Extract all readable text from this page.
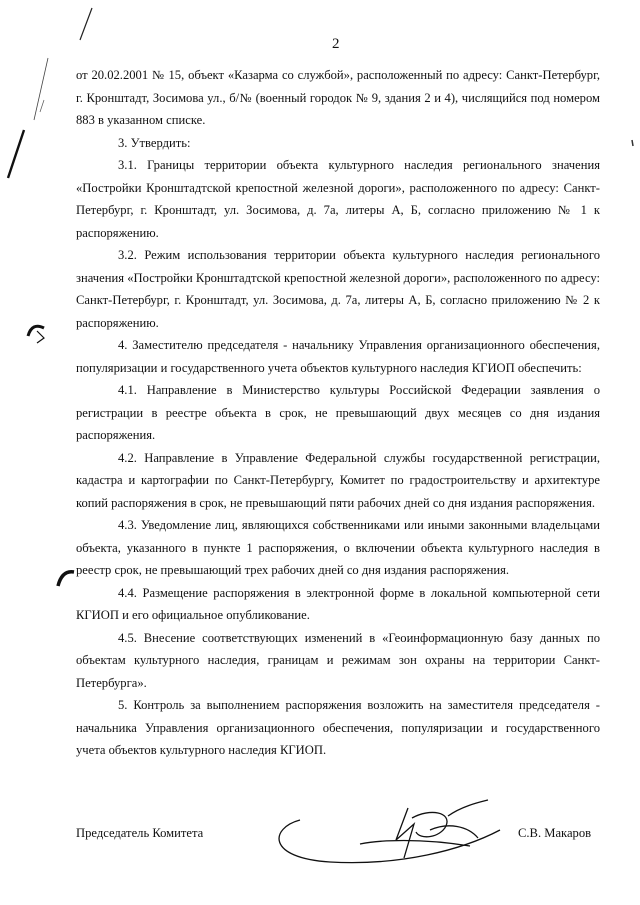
2

от 20.02.2001 № 15, объект «Казарма со службой», расположенный по адресу: Санкт-Петербург, г. Кронштадт, Зосимова ул., б/№ (военный городок № 9, здания 2 и 4), числящийся под номером 883 в указанном списке.

3. Утвердить:

3.1. Границы территории объекта культурного наследия регионального значения «Постройки Кронштадтской крепостной железной дороги», расположенного по адресу: Санкт-Петербург, г. Кронштадт, ул. Зосимова, д. 7а, литеры А, Б, согласно приложению № 1 к распоряжению.

3.2. Режим использования территории объекта культурного наследия регионального значения «Постройки Кронштадтской крепостной железной дороги», расположенного по адресу: Санкт-Петербург, г. Кронштадт, ул. Зосимова, д. 7а, литеры А, Б, согласно приложению № 2 к распоряжению.

4. Заместителю председателя - начальнику Управления организационного обеспечения, популяризации и государственного учета объектов культурного наследия КГИОП обеспечить:

4.1. Направление в Министерство культуры Российской Федерации заявления о регистрации в реестре объекта в срок, не превышающий двух месяцев со дня издания распоряжения.

4.2. Направление в Управление Федеральной службы государственной регистрации, кадастра и картографии по Санкт-Петербургу, Комитет по градостроительству и архитектуре копий распоряжения в срок, не превышающий пяти рабочих дней со дня издания распоряжения.

4.3. Уведомление лиц, являющихся собственниками или иными законными владельцами объекта, указанного в пункте 1 распоряжения, о включении объекта культурного наследия в реестр срок, не превышающий трех рабочих дней со дня издания распоряжения.

4.4. Размещение распоряжения в электронной форме в локальной компьютерной сети КГИОП и его официальное опубликование.

4.5. Внесение соответствующих изменений в «Геоинформационную базу данных по объектам культурного наследия, границам и режимам зон охраны на территории Санкт-Петербурга».

5. Контроль за выполнением распоряжения возложить на заместителя председателя - начальника Управления организационного обеспечения, популяризации и государственного учета объектов культурного наследия КГИОП.

Председатель Комитета	С.В. Макаров
